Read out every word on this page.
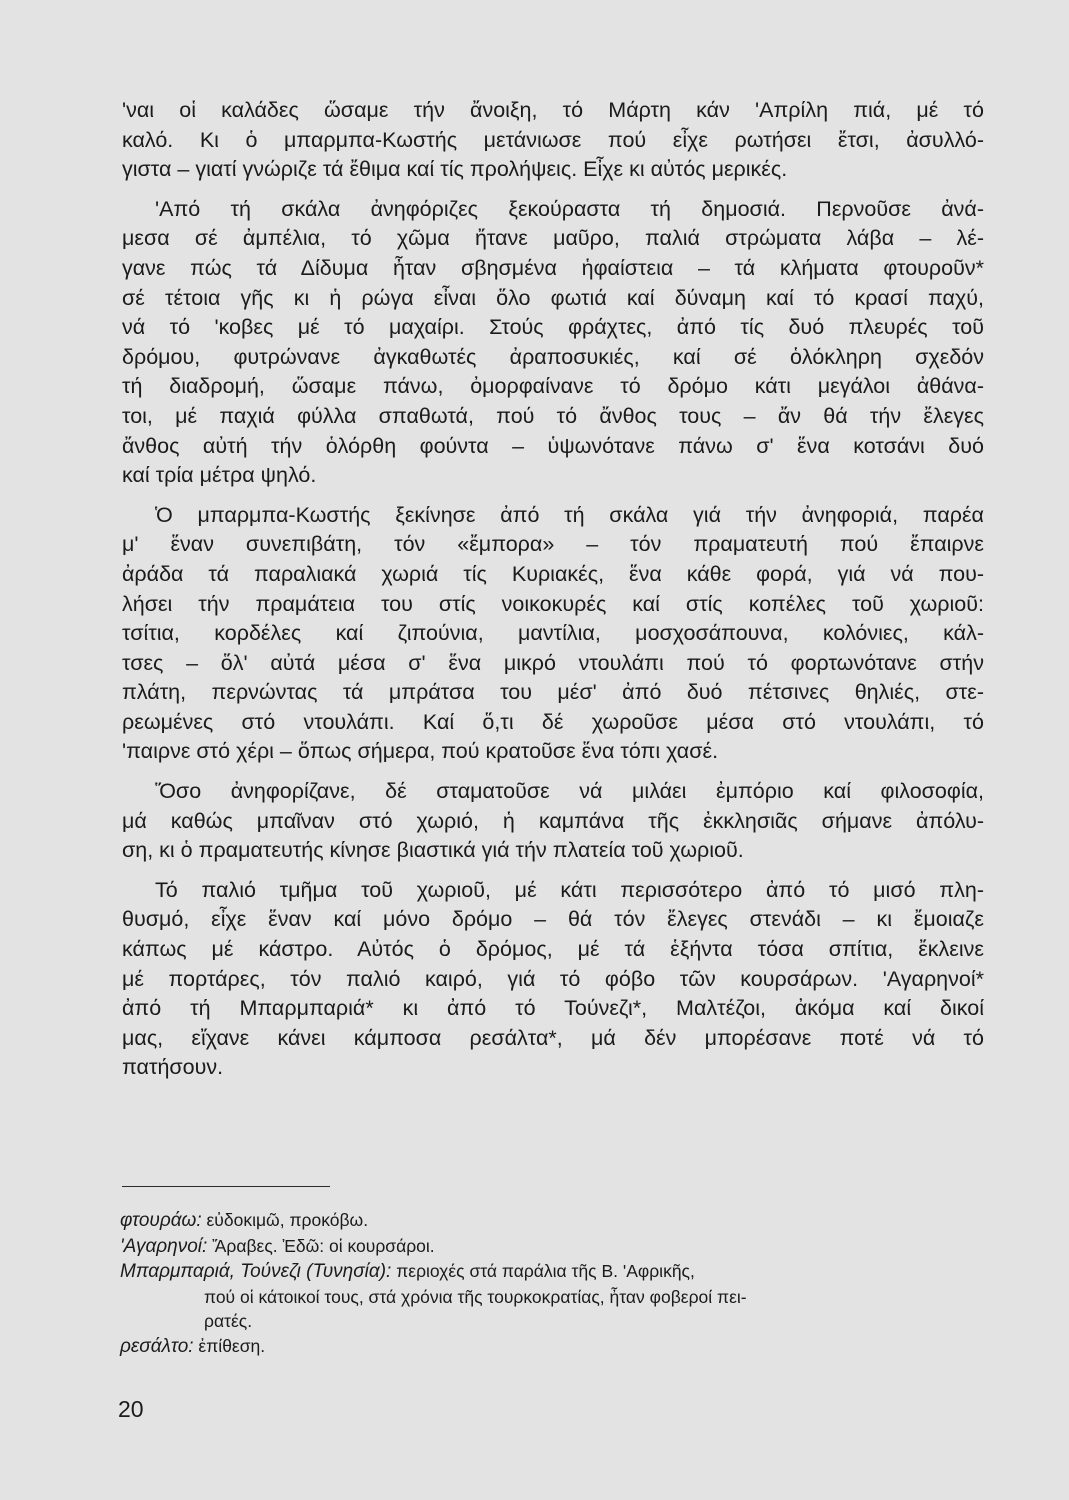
'ναι οἱ καλάδες ὥσαμε τήν ἄνοιξη, τό Μάρτη κάν 'Απρίλη πιά, μέ τό
καλό. Κι ὁ μπαρμπα-Κωστής μετάνιωσε πού εἶχε ρωτήσει ἔτσι, ἀσυλλό-
γιστα – γιατί γνώριζε τά ἔθιμα καί τίς προλήψεις. Εἶχε κι αὐτός μερικές.
'Από τή σκάλα ἀνηφόριζες ξεκούραστα τή δημοσιά. Περνοῦσε ἀνά-
μεσα σέ ἀμπέλια, τό χῶμα ἤτανε μαῦρο, παλιά στρώματα λάβα – λέ-
γανε πώς τά Δίδυμα ἦταν σβησμένα ἡφαίστεια – τά κλήματα φτουροῦν*
σέ τέτοια γῆς κι ἡ ρώγα εἶναι ὅλο φωτιά καί δύναμη καί τό κρασί παχύ,
νά τό 'κοβες μέ τό μαχαίρι. Στούς φράχτες, ἀπό τίς δυό πλευρές τοῦ
δρόμου, φυτρώνανε ἀγκαθωτές ἀραποσυκιές, καί σέ ὁλόκληρη σχεδόν
τή διαδρομή, ὥσαμε πάνω, ὀμορφαίνανε τό δρόμο κάτι μεγάλοι ἀθάνα-
τοι, μέ παχιά φύλλα σπαθωτά, πού τό ἄνθος τους – ἄν θά τήν ἔλεγες
ἄνθος αὐτή τήν ὁλόρθη φούντα – ὑψωνότανε πάνω σ' ἕνα κοτσάνι δυό
καί τρία μέτρα ψηλό.
Ὁ μπαρμπα-Κωστής ξεκίνησε ἀπό τή σκάλα γιά τήν ἀνηφοριά, παρέα
μ' ἕναν συνεπιβάτη, τόν «ἔμπορα» – τόν πραματευτή πού ἔπαιρνε
ἀράδα τά παραλιακά χωριά τίς Κυριακές, ἕνα κάθε φορά, γιά νά που-
λήσει τήν πραμάτεια του στίς νοικοκυρές καί στίς κοπέλες τοῦ χωριοῦ:
τσίτια, κορδέλες καί ζιπούνια, μαντίλια, μοσχοσάπουνα, κολόνιες, κάλ-
τσες – ὅλ' αὐτά μέσα σ' ἕνα μικρό ντουλάπι πού τό φορτωνότανε στήν
πλάτη, περνώντας τά μπράτσα του μέσ' ἀπό δυό πέτσινες θηλιές, στε-
ρεωμένες στό ντουλάπι. Καί ὅ,τι δέ χωροῦσε μέσα στό ντουλάπι, τό
'παιρνε στό χέρι – ὅπως σήμερα, πού κρατοῦσε ἕνα τόπι χασέ.
Ὅσο ἀνηφορίζανε, δέ σταματοῦσε νά μιλάει ἐμπόριο καί φιλοσοφία,
μά καθώς μπαῖναν στό χωριό, ἡ καμπάνα τῆς ἐκκλησιᾶς σήμανε ἀπόλυ-
ση, κι ὁ πραματευτής κίνησε βιαστικά γιά τήν πλατεία τοῦ χωριοῦ.
Τό παλιό τμῆμα τοῦ χωριοῦ, μέ κάτι περισσότερο ἀπό τό μισό πλη-
θυσμό, εἶχε ἕναν καί μόνο δρόμο – θά τόν ἔλεγες στενάδι – κι ἔμοιαζε
κάπως μέ κάστρο. Αὐτός ὁ δρόμος, μέ τά ἑξήντα τόσα σπίτια, ἔκλεινε
μέ πορτάρες, τόν παλιό καιρό, γιά τό φόβο τῶν κουρσάρων. 'Αγαρηνοί*
ἀπό τή Μπαρμπαριά* κι ἀπό τό Τούνεζι*, Μαλτέζοι, ἀκόμα καί δικοί
μας, εἴχανε κάνει κάμποσα ρεσάλτα*, μά δέν μπορέσανε ποτέ νά τό
πατήσουν.
φτουράω: εὐδοκιμῶ, προκόβω.
'Αγαρηνοί: Ἄραβες. Ἐδῶ: οἱ κουρσάροι.
Μπαρμπαριά, Τούνεζι (Τυνησία): περιοχές στά παράλια τῆς Β. 'Αφρικῆς,
πού οἱ κάτοικοί τους, στά χρόνια τῆς τουρκοκρατίας, ἦταν φοβεροί πει-
ρατές.
ρεσάλτο: ἐπίθεση.
20
